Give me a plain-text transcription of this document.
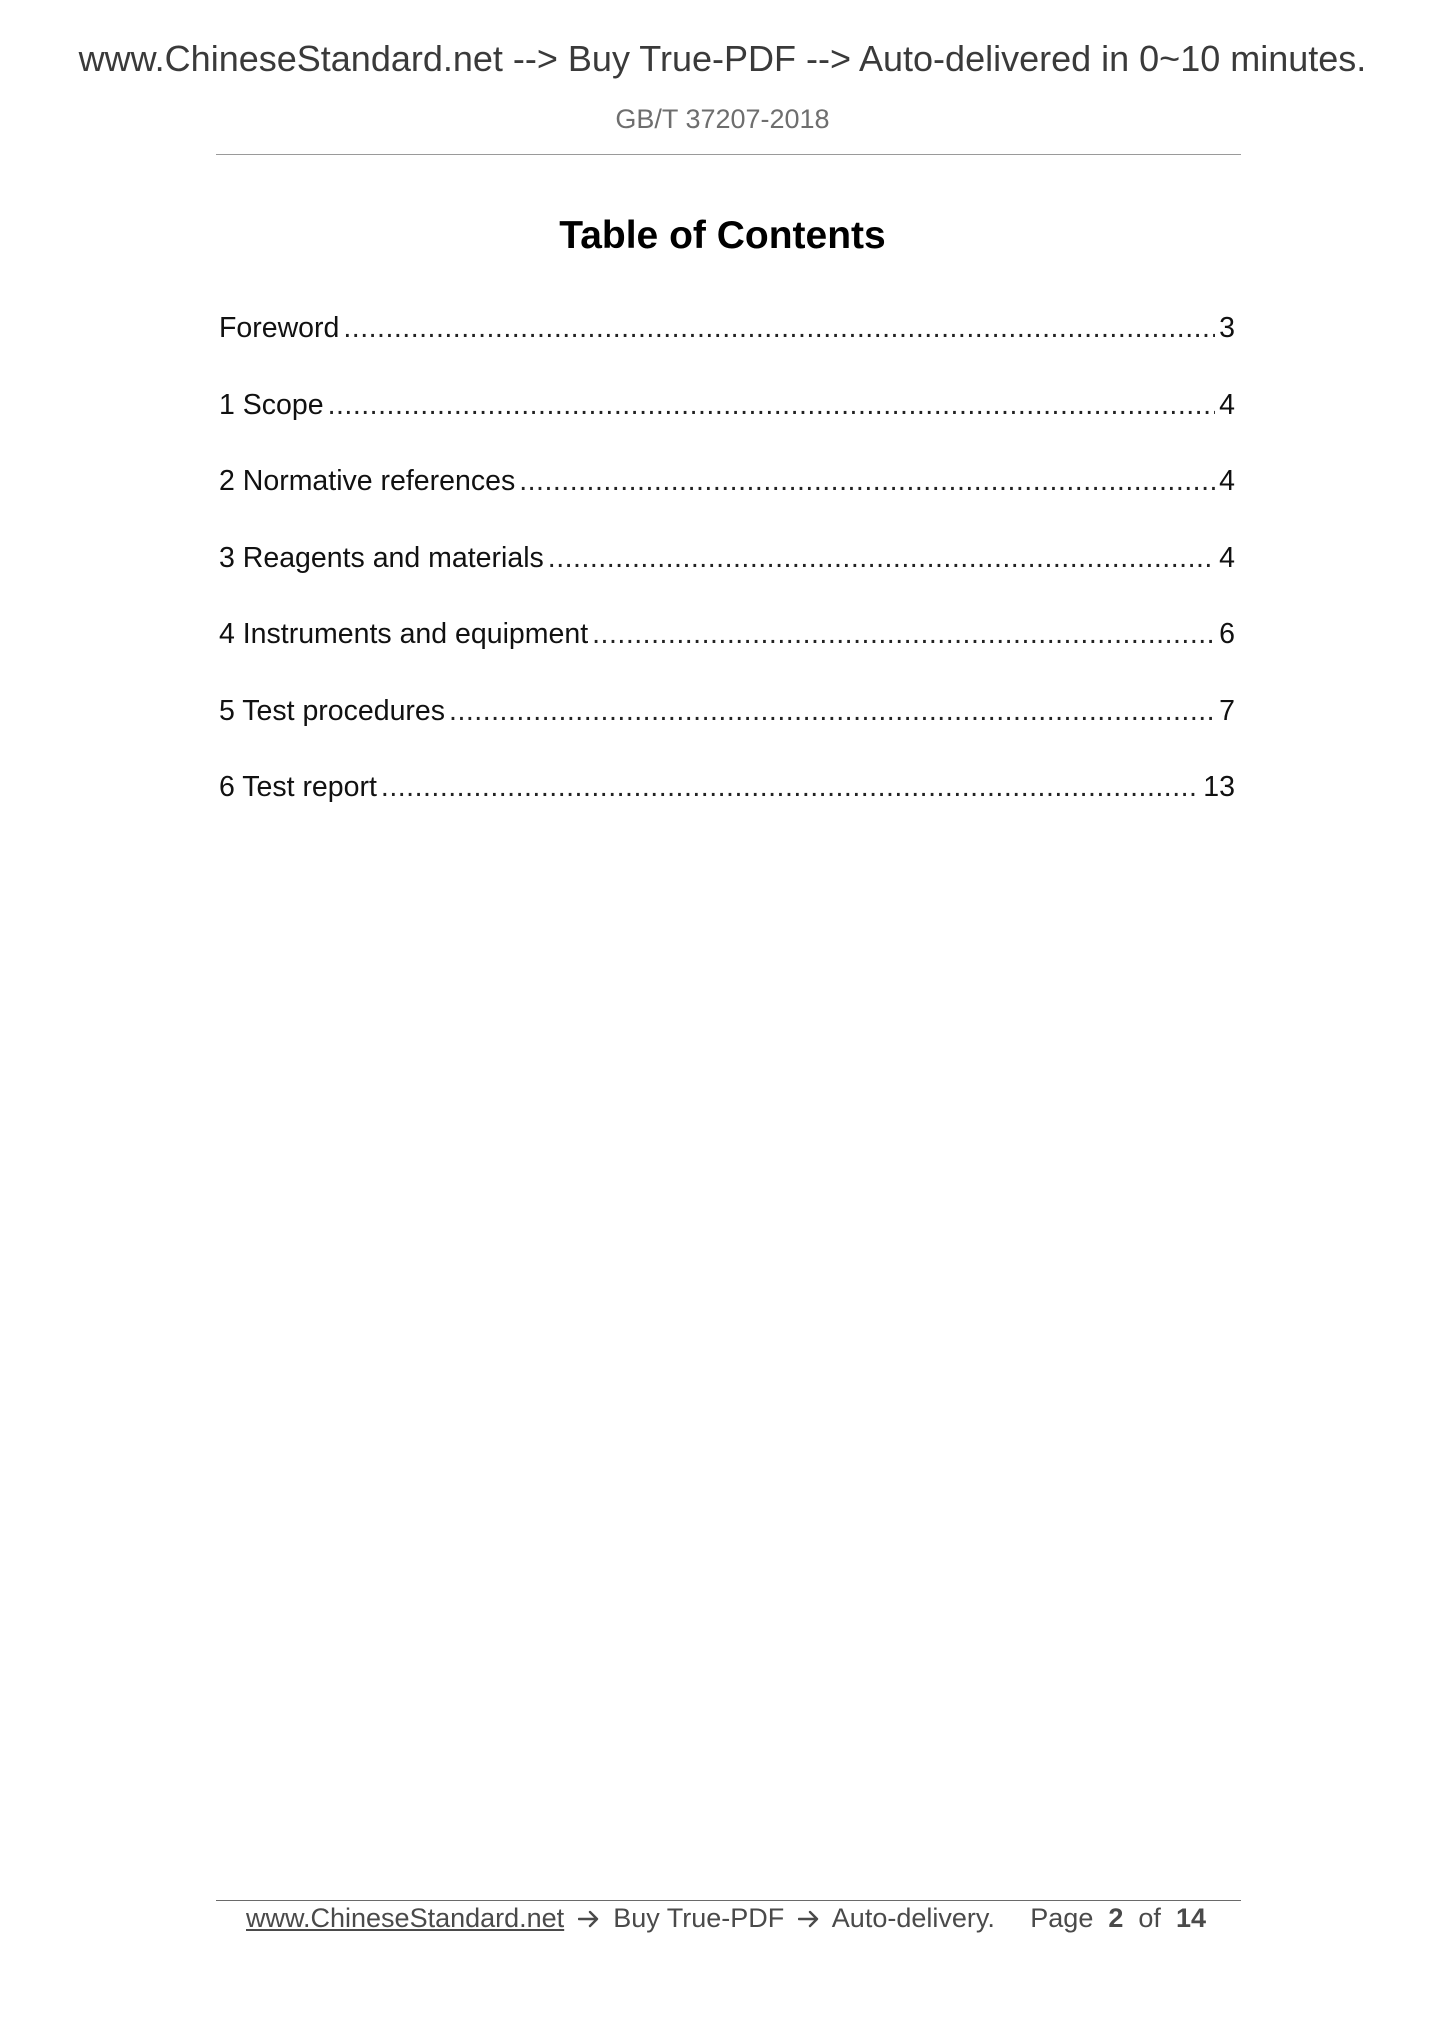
www.ChineseStandard.net --> Buy True-PDF --> Auto-delivered in 0~10 minutes.
GB/T 37207-2018
Table of Contents
Foreword .....	3
1 Scope .....	4
2 Normative references .....	4
3 Reagents and materials .....	4
4 Instruments and equipment .....	6
5 Test procedures .....	7
6 Test report .....	13
www.ChineseStandard.net Buy True-PDF Auto-delivery. Page 2 of 14
